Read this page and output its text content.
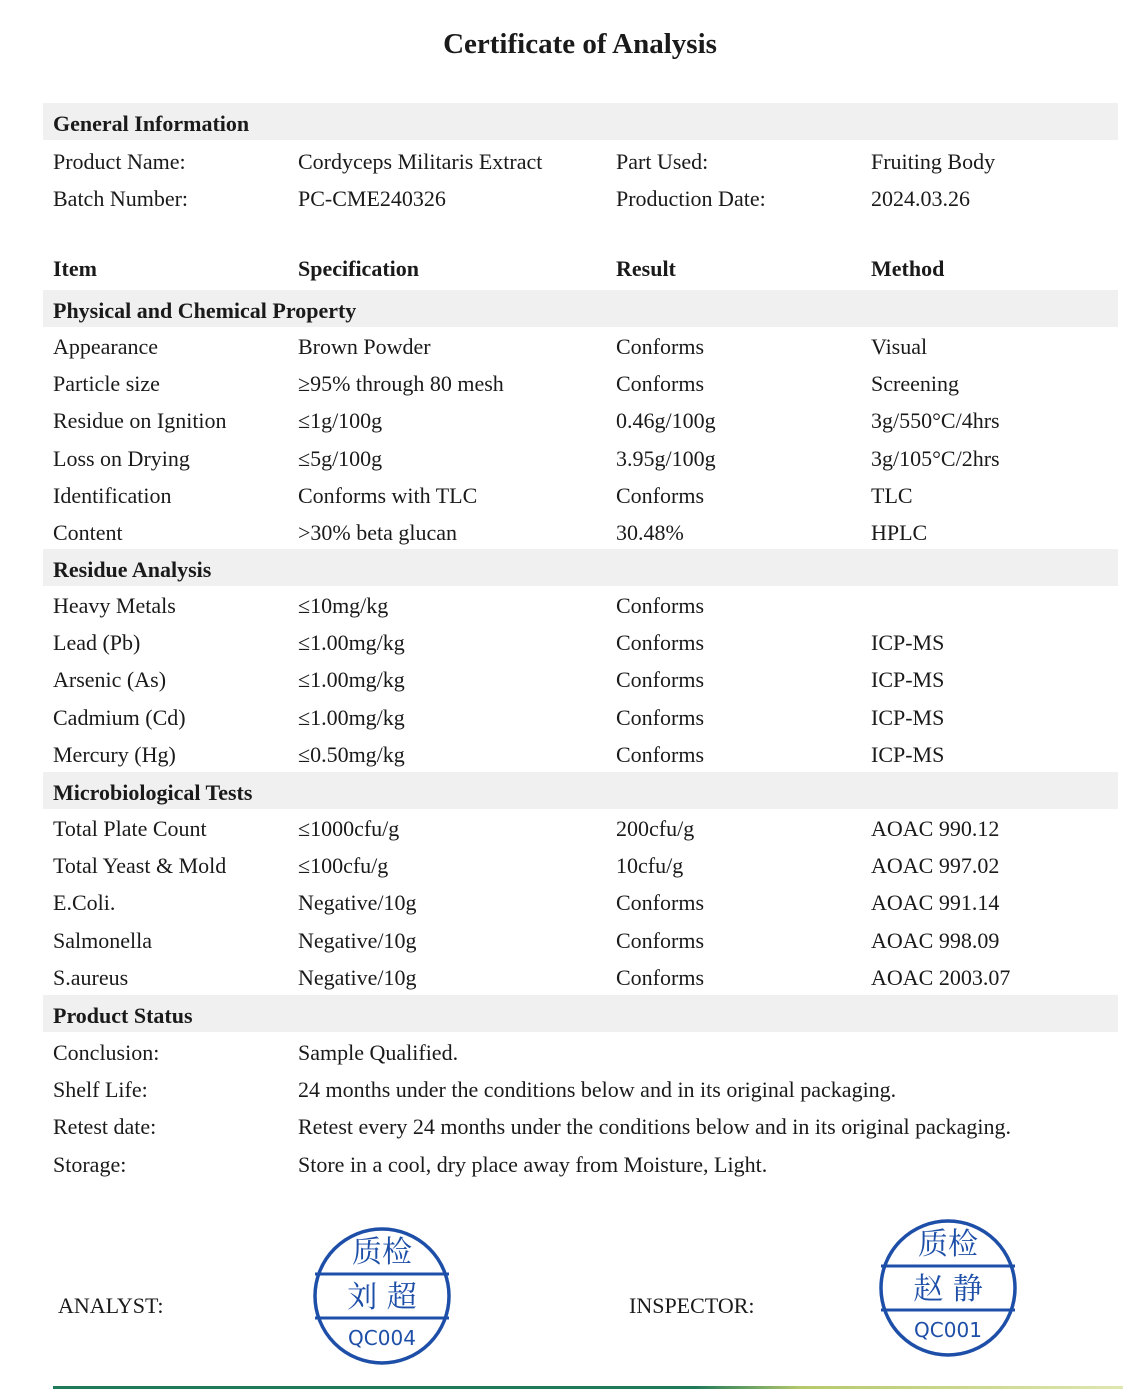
Certificate of Analysis
General Information
Product Name:	Cordyceps Militaris Extract	Part Used:	Fruiting Body
Batch Number:	PC-CME240326	Production Date:	2024.03.26
Item	Specification	Result	Method
Physical and Chemical Property
Appearance	Brown Powder	Conforms	Visual
Particle size	≥95% through 80 mesh	Conforms	Screening
Residue on Ignition	≤1g/100g	0.46g/100g	3g/550°C/4hrs
Loss on Drying	≤5g/100g	3.95g/100g	3g/105°C/2hrs
Identification	Conforms with TLC	Conforms	TLC
Content	>30% beta glucan	30.48%	HPLC
Residue Analysis
Heavy Metals	≤10mg/kg	Conforms
Lead (Pb)	≤1.00mg/kg	Conforms	ICP-MS
Arsenic (As)	≤1.00mg/kg	Conforms	ICP-MS
Cadmium (Cd)	≤1.00mg/kg	Conforms	ICP-MS
Mercury (Hg)	≤0.50mg/kg	Conforms	ICP-MS
Microbiological Tests
Total Plate Count	≤1000cfu/g	200cfu/g	AOAC 990.12
Total Yeast & Mold	≤100cfu/g	10cfu/g	AOAC 997.02
E.Coli.	Negative/10g	Conforms	AOAC 991.14
Salmonella	Negative/10g	Conforms	AOAC 998.09
S.aureus	Negative/10g	Conforms	AOAC 2003.07
Product Status
Conclusion:	Sample Qualified.
Shelf Life:	24 months under the conditions below and in its original packaging.
Retest date:	Retest every 24 months under the conditions below and in its original packaging.
Storage:	Store in a cool, dry place away from Moisture, Light.
ANALYST:	INSPECTOR:
质检
刘 超
QC004
质检
赵 静
QC001
